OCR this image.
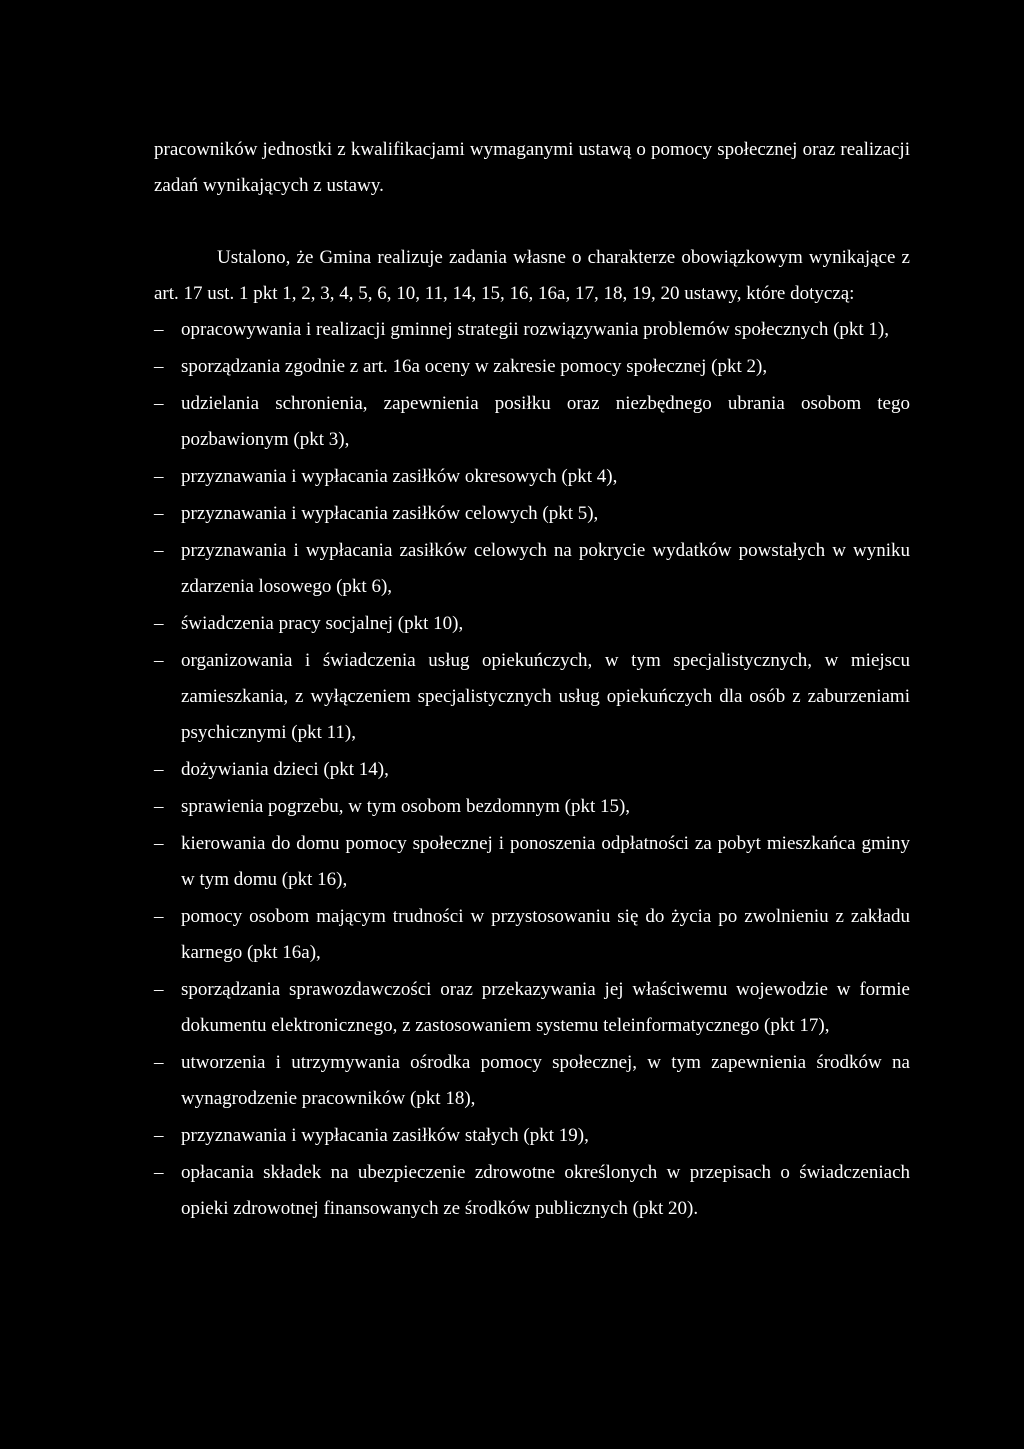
pracowników jednostki z kwalifikacjami wymaganymi ustawą o pomocy społecznej oraz realizacji zadań wynikających z ustawy.

Ustalono, że Gmina realizuje zadania własne o charakterze obowiązkowym wynikające z art. 17 ust. 1 pkt 1, 2, 3, 4, 5, 6, 10, 11, 14, 15, 16, 16a, 17, 18, 19, 20 ustawy, które dotyczą:

– opracowywania i realizacji gminnej strategii rozwiązywania problemów społecznych (pkt 1),
– sporządzania zgodnie z art. 16a oceny w zakresie pomocy społecznej (pkt 2),
– udzielania schronienia, zapewnienia posiłku oraz niezbędnego ubrania osobom tego pozbawionym (pkt 3),
– przyznawania i wypłacania zasiłków okresowych (pkt 4),
– przyznawania i wypłacania zasiłków celowych (pkt 5),
– przyznawania i wypłacania zasiłków celowych na pokrycie wydatków powstałych w wyniku zdarzenia losowego (pkt 6),
– świadczenia pracy socjalnej (pkt 10),
– organizowania i świadczenia usług opiekuńczych, w tym specjalistycznych, w miejscu zamieszkania, z wyłączeniem specjalistycznych usług opiekuńczych dla osób z zaburzeniami psychicznymi (pkt 11),
– dożywiania dzieci (pkt 14),
– sprawienia pogrzebu, w tym osobom bezdomnym (pkt 15),
– kierowania do domu pomocy społecznej i ponoszenia odpłatności za pobyt mieszkańca gminy w tym domu (pkt 16),
– pomocy osobom mającym trudności w przystosowaniu się do życia po zwolnieniu z zakładu karnego (pkt 16a),
– sporządzania sprawozdawczości oraz przekazywania jej właściwemu wojewodzie w formie dokumentu elektronicznego, z zastosowaniem systemu teleinformatycznego (pkt 17),
– utworzenia i utrzymywania ośrodka pomocy społecznej, w tym zapewnienia środków na wynagrodzenie pracowników (pkt 18),
– przyznawania i wypłacania zasiłków stałych (pkt 19),
– opłacania składek na ubezpieczenie zdrowotne określonych w przepisach o świadczeniach opieki zdrowotnej finansowanych ze środków publicznych (pkt 20).
